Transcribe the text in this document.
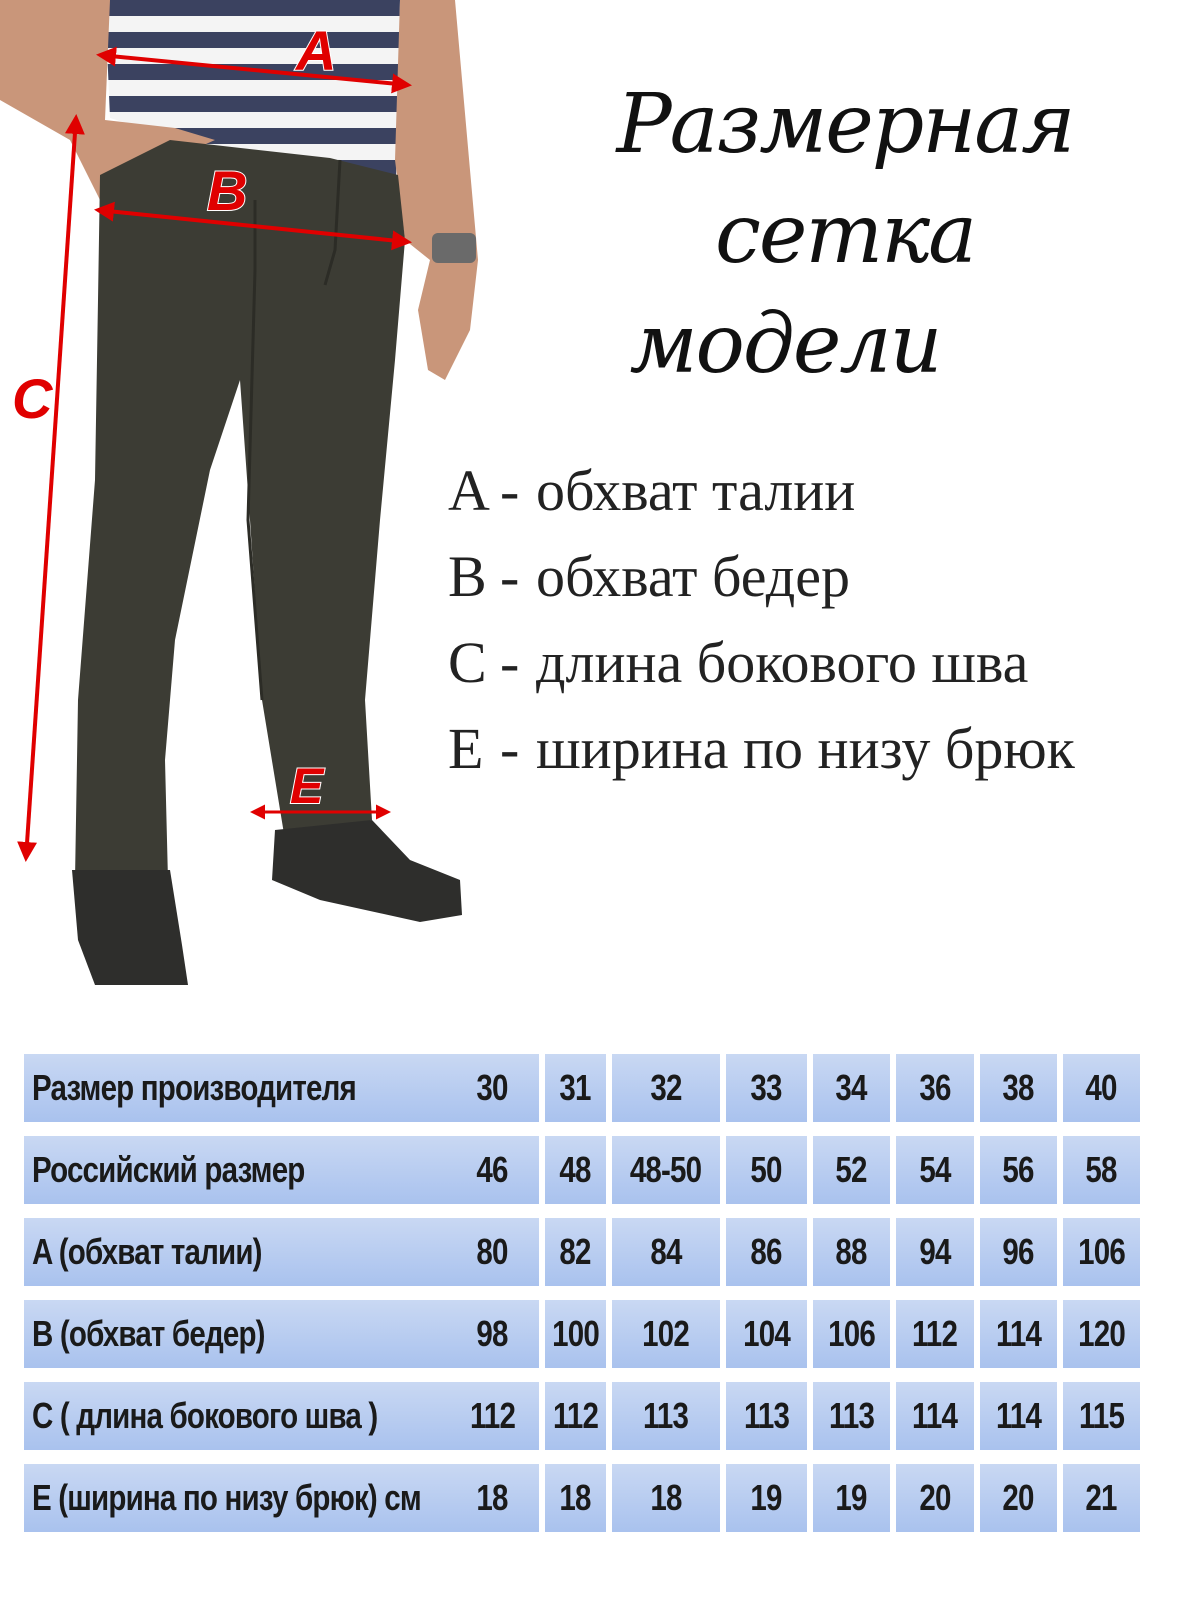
A
B
C
E
Размерная сетка
модели
A - обхват талии
B - обхват бедер
C - длина бокового шва
E - ширина по низу брюк
Размер производителя	30 31 32 33 34 36 38 40
Российский размер	46 48 48-50 50 52 54 56 58
A (обхват талии)	80 82 84 86 88 94 96 106
B (обхват бедер)	98 100 102 104 106 112 114 120
C ( длина бокового шва )	112 112 113 113 113 114 114 115
E (ширина по низу брюк) см 18 18 18 19 19 20 20 21
